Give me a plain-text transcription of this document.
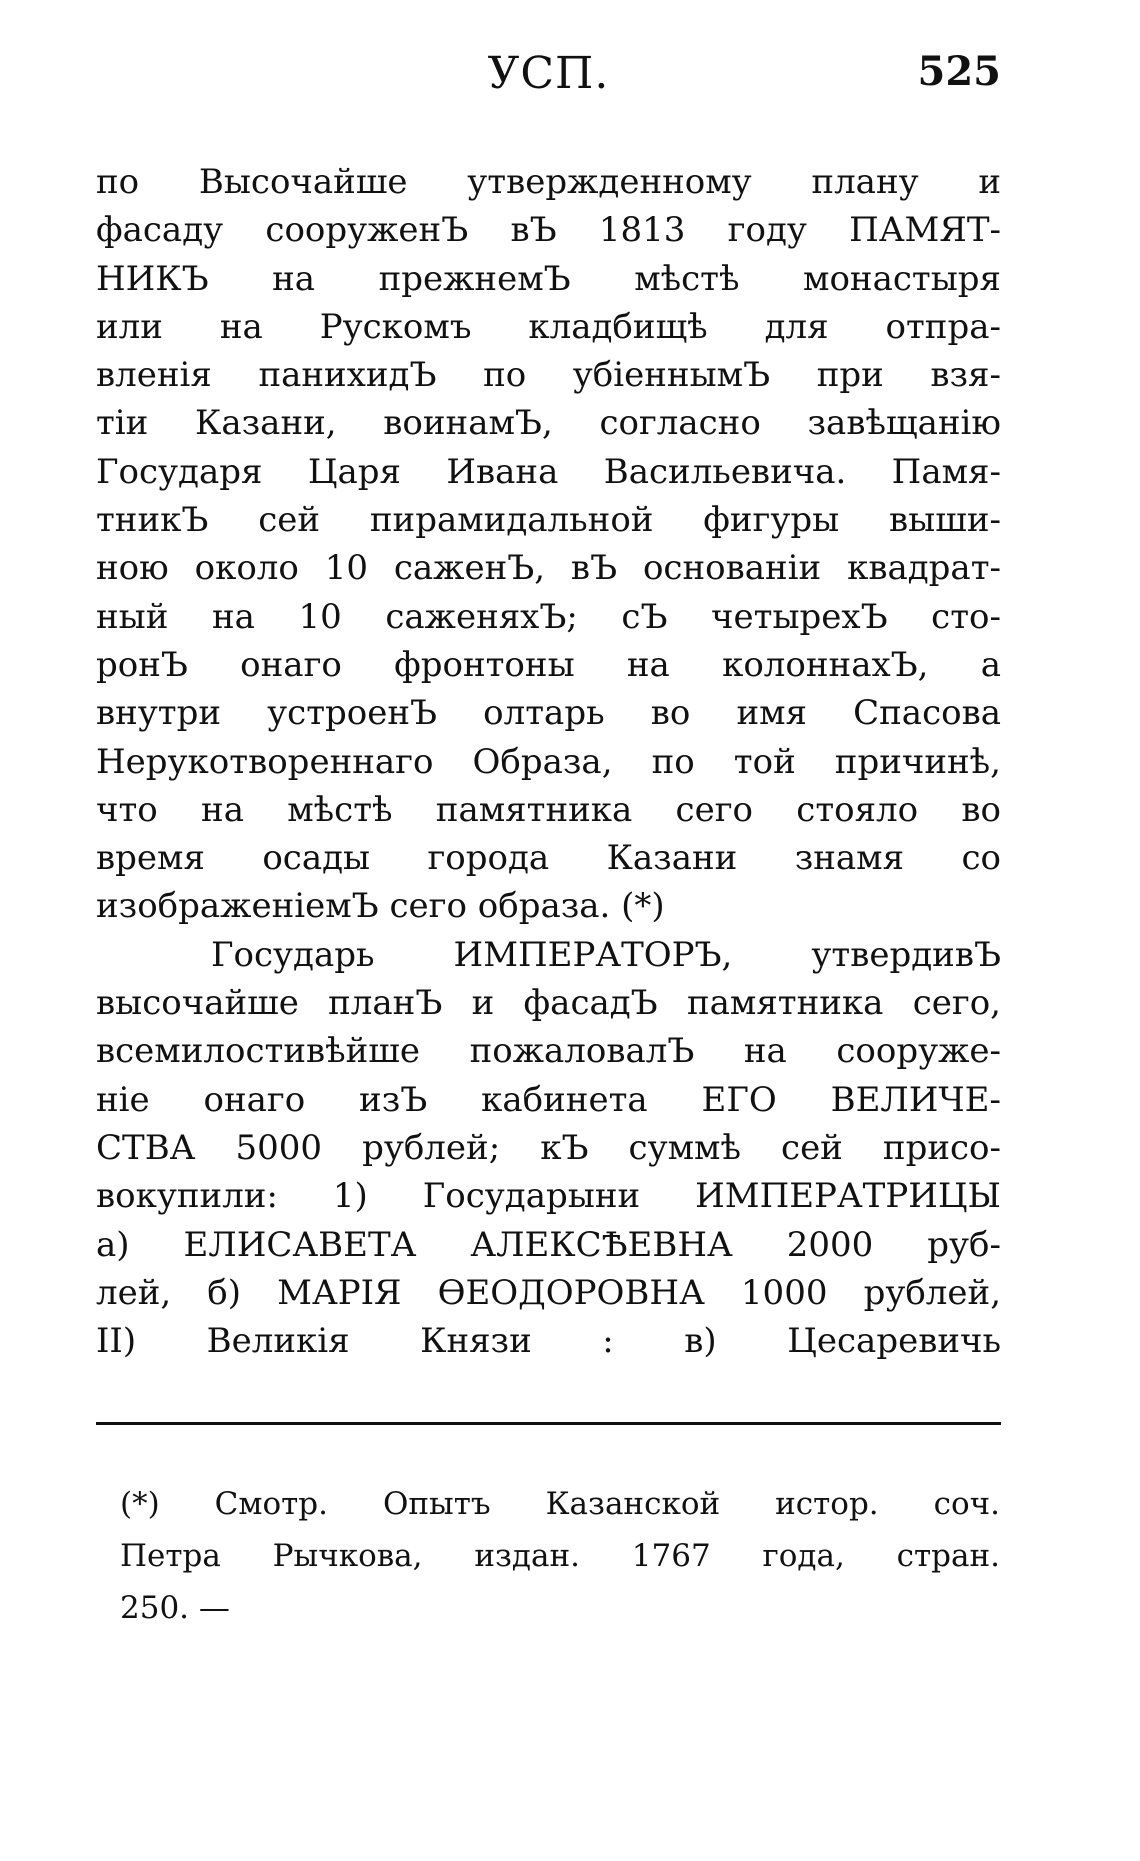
УСП.	525
по Высочайше утвержденному плану и
фасаду сооруженЪ вЪ 1813 году ПАМЯТ-
НИКЪ на прежнемЪ мѣстѣ монастыря
или на Рускомъ кладбищѣ для отпра-
вленія панихидЪ по убіеннымЪ при взя-
тіи Казани, воинамЪ, согласно завѣщанію
Государя Царя Ивана Васильевича. Памя-
тникЪ сей пирамидальной фигуры выши-
ною около 10 саженЪ, вЪ основаніи квадрат-
ный на 10 саженяхЪ; сЪ четырехЪ сто-
ронЪ онаго фронтоны на колоннахЪ, а
внутри устроенЪ олтарь во имя Спасова
Нерукотвореннаго Образа, по той причинѣ,
что на мѣстѣ памятника сего стояло во
время осады города Казани знамя со
изображеніемЪ сего образа. (*)
Государь ИМПЕРАТОРЪ, утвердивЪ
высочайше планЪ и фасадЪ памятника сего,
всемилостивѣйше пожаловалЪ на сооруже-
ніе онаго изЪ кабинета ЕГО ВЕЛИЧЕ-
СТВА 5000 рублей; кЪ суммѣ сей присо-
вокупили: 1) Государыни ИМПЕРАТРИЦЫ
а) ЕЛИСАВЕТА АЛЕКСѢЕВНА 2000 руб-
лей, б) МАРІЯ ѲЕОДОРОВНА 1000 рублей,
II) Великія Князи : в) Цесаревичь
(*) Смотр. Опытъ Казанской истор. соч.
Петра Рычкова, издан. 1767 года, стран.
250. —
